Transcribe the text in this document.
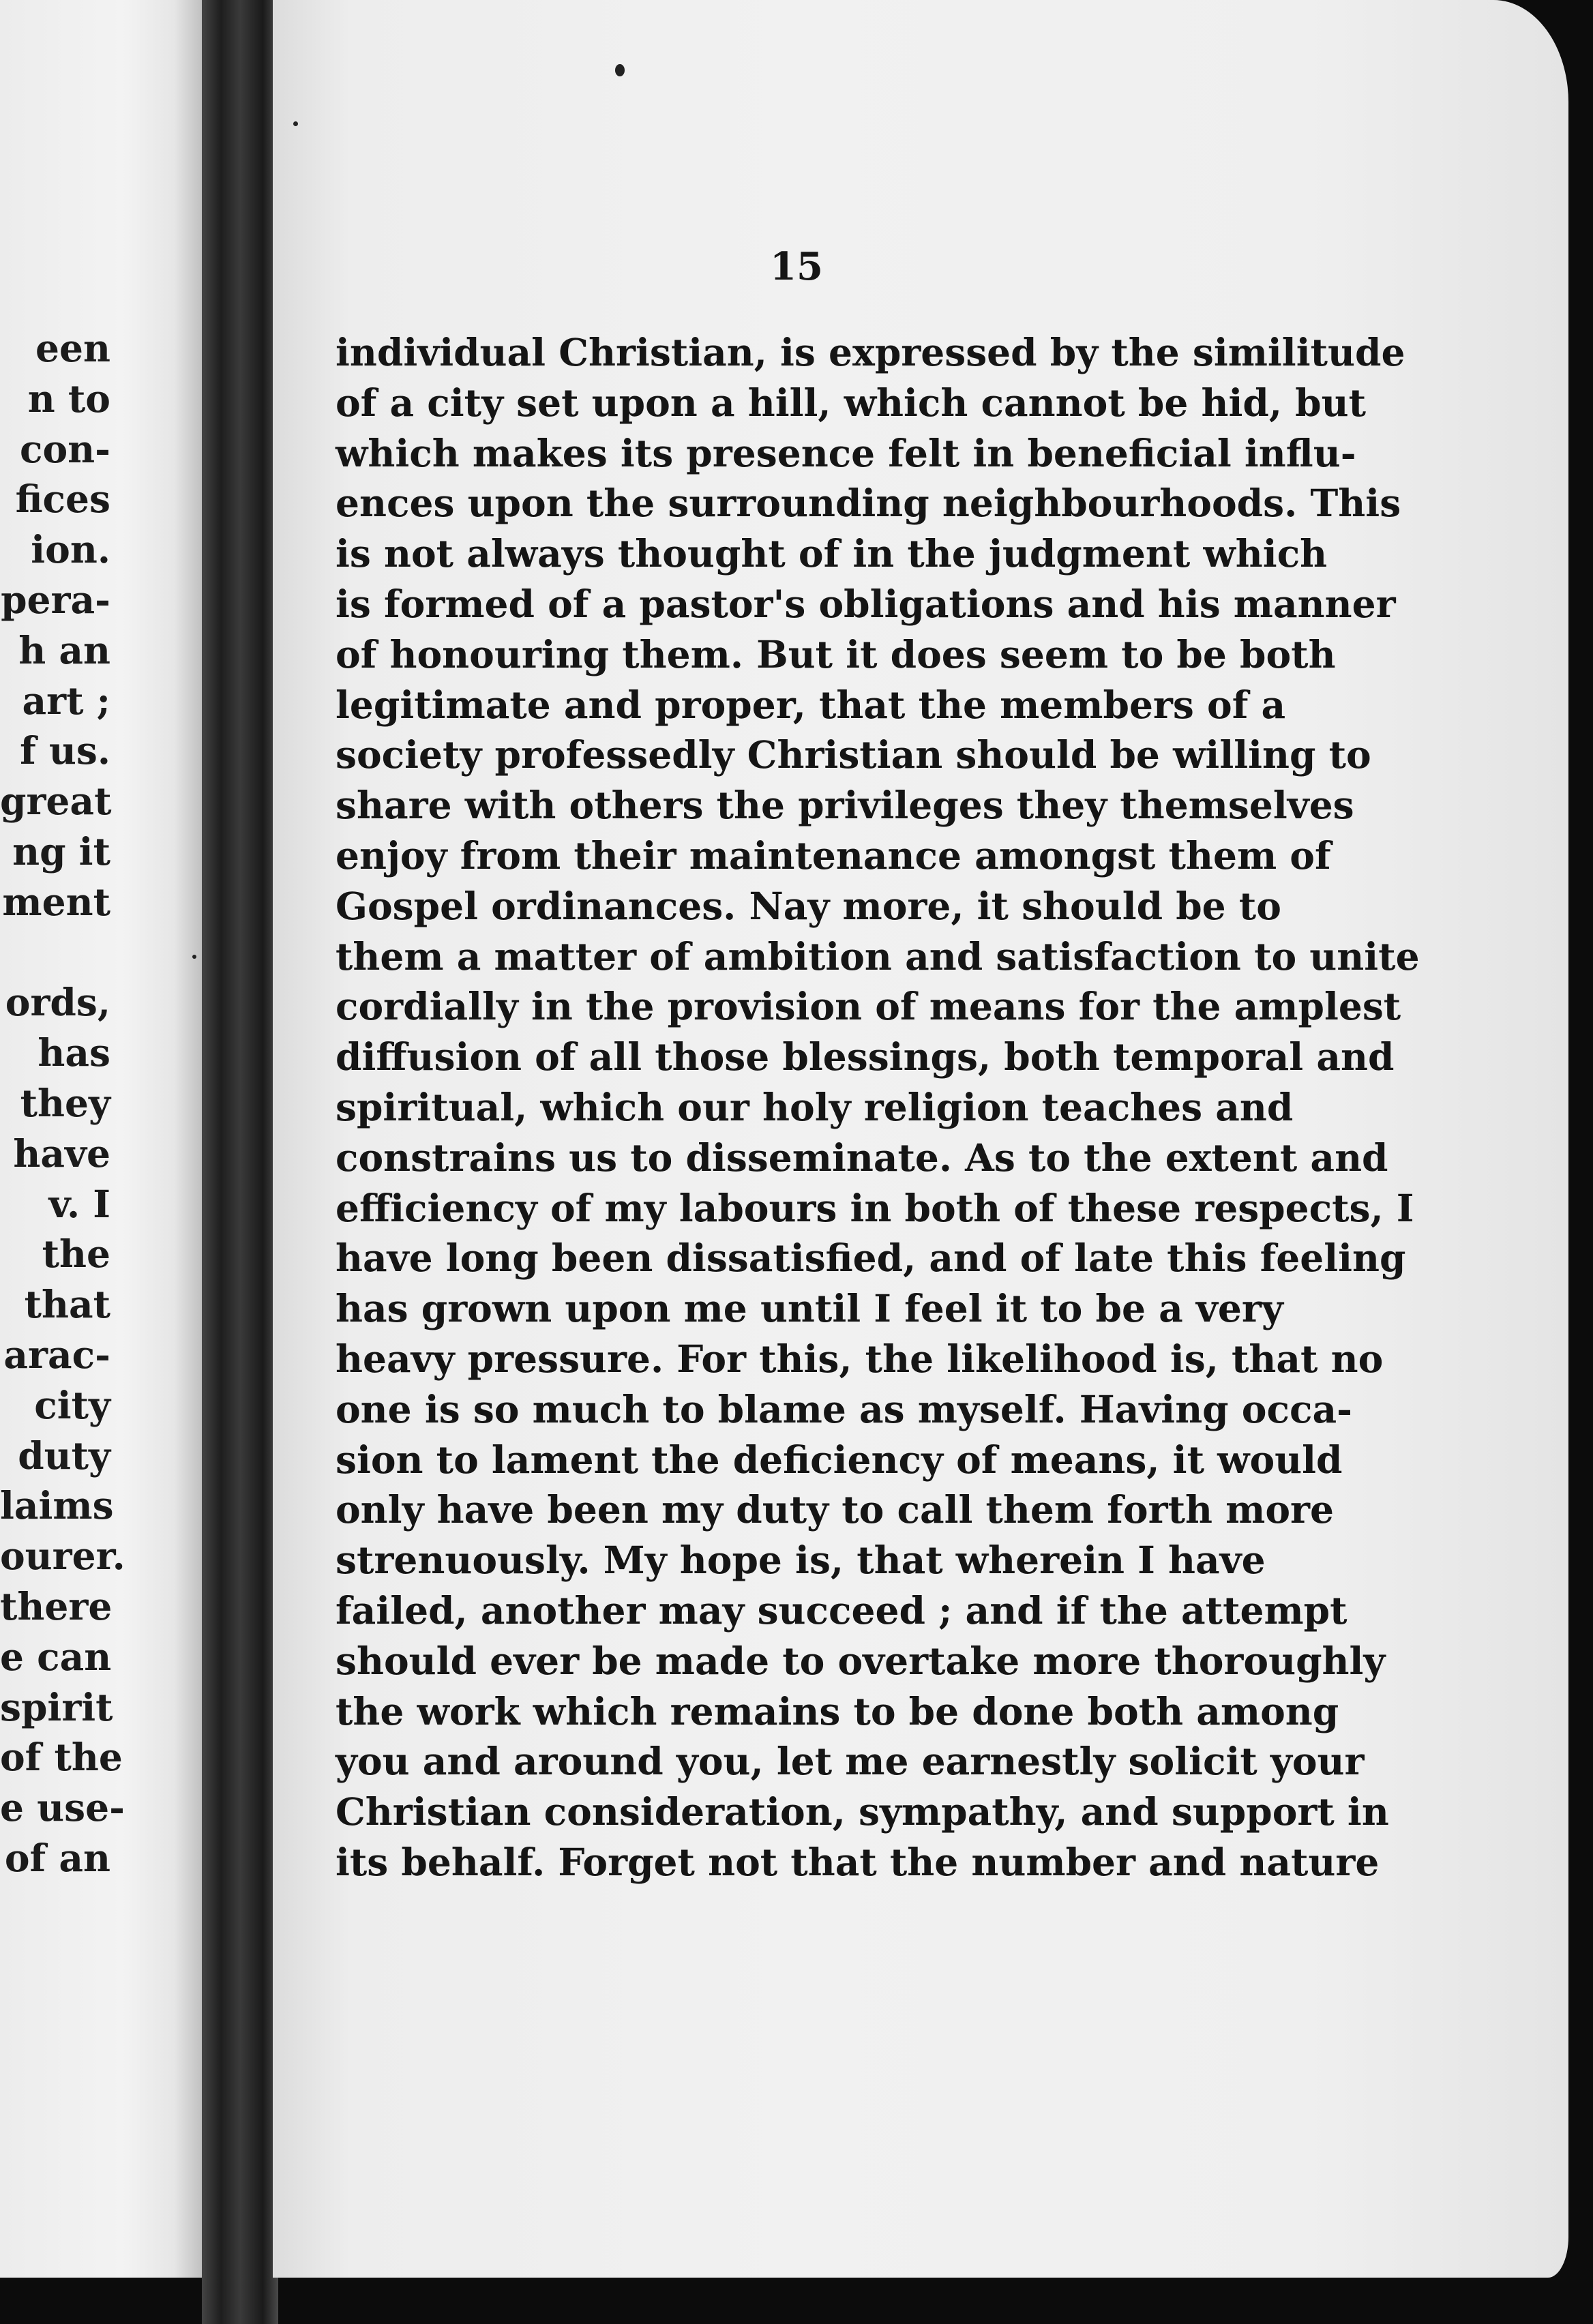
een
n to
con-
fices
ion.
pera-
h an
art ;
f us.
great
ng it
ment
ords,
has
they
have
v. I
the
that
arac-
city
duty
laims
ourer.
there
e can
spirit
of the
e use-
of an
15
individual Christian, is expressed by the similitude
of a city set upon a hill, which cannot be hid, but
which makes its presence felt in beneficial influ-
ences upon the surrounding neighbourhoods. This
is not always thought of in the judgment which
is formed of a pastor's obligations and his manner
of honouring them. But it does seem to be both
legitimate and proper, that the members of a
society professedly Christian should be willing to
share with others the privileges they themselves
enjoy from their maintenance amongst them of
Gospel ordinances. Nay more, it should be to
them a matter of ambition and satisfaction to unite
cordially in the provision of means for the amplest
diffusion of all those blessings, both temporal and
spiritual, which our holy religion teaches and
constrains us to disseminate. As to the extent and
efficiency of my labours in both of these respects, I
have long been dissatisfied, and of late this feeling
has grown upon me until I feel it to be a very
heavy pressure. For this, the likelihood is, that no
one is so much to blame as myself. Having occa-
sion to lament the deficiency of means, it would
only have been my duty to call them forth more
strenuously. My hope is, that wherein I have
failed, another may succeed ; and if the attempt
should ever be made to overtake more thoroughly
the work which remains to be done both among
you and around you, let me earnestly solicit your
Christian consideration, sympathy, and support in
its behalf. Forget not that the number and nature
